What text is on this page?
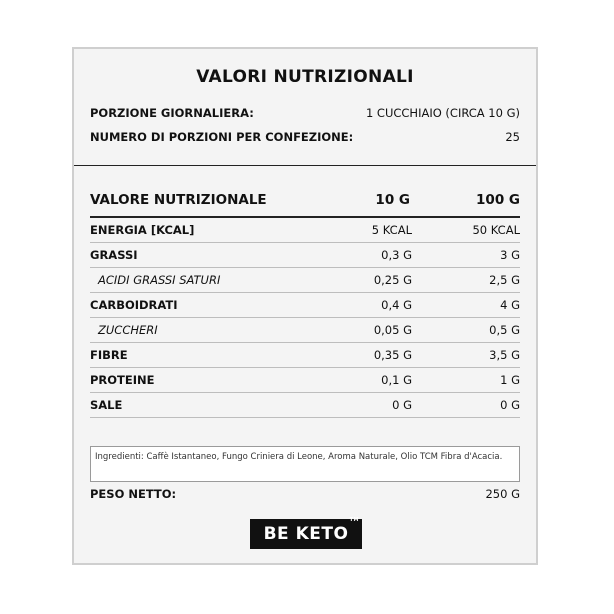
VALORI NUTRIZIONALI
PORZIONE GIORNALIERA:	1 CUCCHIAIO (CIRCA 10 G)
NUMERO DI PORZIONI PER CONFEZIONE:	25
VALORE NUTRIZIONALE	10 G	100 G
ENERGIA [KCAL]	5 KCAL	50 KCAL
GRASSI	0,3 G	3 G
ACIDI GRASSI SATURI	0,25 G	2,5 G
CARBOIDRATI	0,4 G	4 G
ZUCCHERI	0,05 G	0,5 G
FIBRE	0,35 G	3,5 G
PROTEINE	0,1 G	1 G
SALE	0 G	0 G
Ingredienti: Caffè Istantaneo, Fungo Criniera di Leone, Aroma Naturale, Olio TCM Fibra d'Acacia.
PESO NETTO:	250 G
BE KETO
TM
